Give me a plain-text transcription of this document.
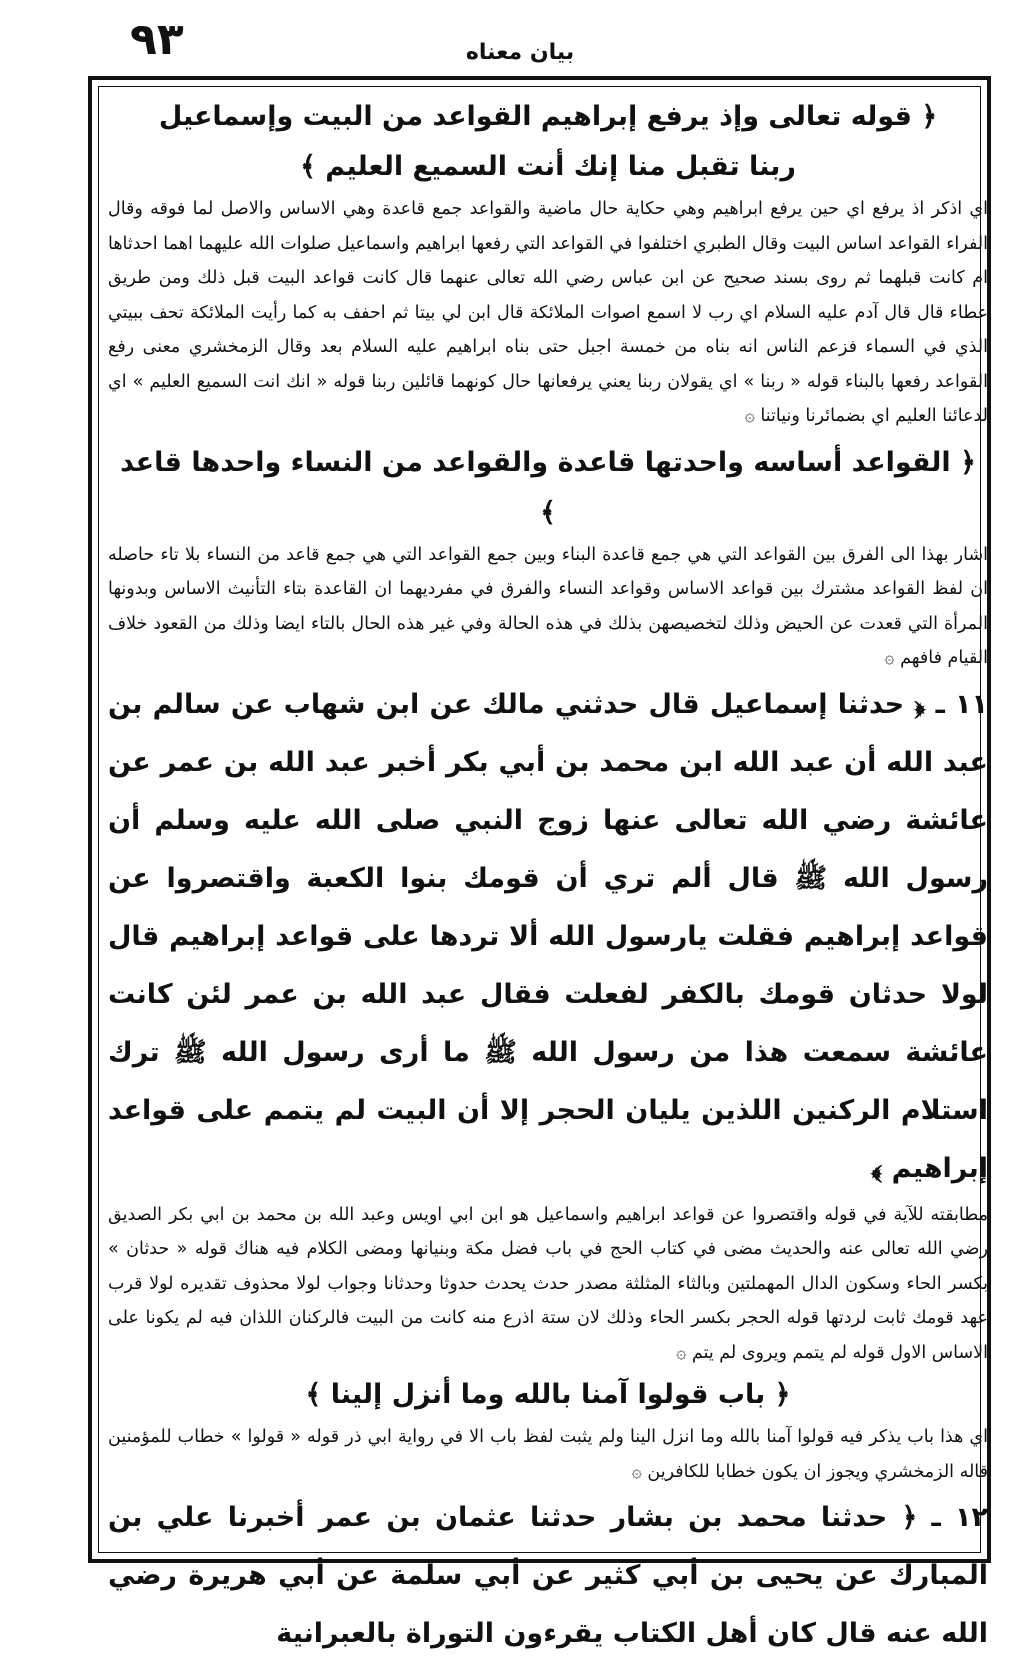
٩٣	بيان معناه

﴿ قوله تعالى وإذ يرفع إبراهيم القواعد من البيت وإسماعيل

ربنا تقبل منا إنك أنت السميع العليم ﴾

اي اذكر اذ يرفع اي حين يرفع ابراهيم وهي حكاية حال ماضية والقواعد جمع قاعدة وهي الاساس والاصل لما فوقه وقال الفراء القواعد اساس البيت وقال الطبري اختلفوا في القواعد التي رفعها ابراهيم واسماعيل صلوات الله عليهما اهما احدثاها ام كانت قبلهما ثم روى بسند صحيح عن ابن عباس رضي الله تعالى عنهما قال كانت قواعد البيت قبل ذلك ومن طريق عطاء قال قال آدم عليه السلام اي رب لا اسمع اصوات الملائكة قال ابن لي بيتا ثم احفف به كما رأيت الملائكة تحف ببيتي الذي في السماء فزعم الناس انه بناه من خمسة اجبل حتى بناه ابراهيم عليه السلام بعد وقال الزمخشري معنى رفع القواعد رفعها بالبناء قوله « ربنا » اي يقولان ربنا يعني يرفعانها حال كونهما قائلين ربنا قوله « انك انت السميع العليم » اي لدعائنا العليم اي بضمائرنا ونياتنا ۞

﴿ القواعد أساسه واحدتها قاعدة والقواعد من النساء واحدها قاعد ﴾

اشار بهذا الى الفرق بين القواعد التي هي جمع قاعدة البناء وبين جمع القواعد التي هي جمع قاعد من النساء بلا تاء حاصله ان لفظ القواعد مشترك بين قواعد الاساس وقواعد النساء والفرق في مفرديهما ان القاعدة بتاء التأنيث الاساس وبدونها المرأة التي قعدت عن الحيض وذلك لتخصيصهن بذلك في هذه الحالة وفي غير هذه الحال بالتاء ايضا وذلك من القعود خلاف القيام فافهم ۞

١١ ـ ﴿ حدثنا إسماعيل قال حدثني مالك عن ابن شهاب عن سالم بن عبد الله أن عبد الله ابن محمد بن أبي بكر أخبر عبد الله بن عمر عن عائشة رضي الله تعالى عنها زوج النبي صلى الله عليه وسلم أن رسول الله ﷺ قال ألم تري أن قومك بنوا الكعبة واقتصروا عن قواعد إبراهيم فقلت يارسول الله ألا تردها على قواعد إبراهيم قال لولا حدثان قومك بالكفر لفعلت فقال عبد الله بن عمر لئن كانت عائشة سمعت هذا من رسول الله ﷺ ما أرى رسول الله ﷺ ترك استلام الركنين اللذين يليان الحجر إلا أن البيت لم يتمم على قواعد إبراهيم ﴾

مطابقته للآية في قوله واقتصروا عن قواعد ابراهيم واسماعيل هو ابن ابي اويس وعبد الله بن محمد بن ابي بكر الصديق رضي الله تعالى عنه والحديث مضى في كتاب الحج في باب فضل مكة وبنيانها ومضى الكلام فيه هناك قوله « حدثان » بكسر الحاء وسكون الدال المهملتين وبالثاء المثلثة مصدر حدث يحدث حدوثا وحدثانا وجواب لولا محذوف تقديره لولا قرب عهد قومك ثابت لردتها قوله الحجر بكسر الحاء وذلك لان ستة اذرع منه كانت من البيت فالركنان اللذان فيه لم يكونا على الاساس الاول قوله لم يتمم ويروى لم يتم ۞

﴿ باب قولوا آمنا بالله وما أنزل إلينا ﴾

اي هذا باب يذكر فيه قولوا آمنا بالله وما انزل الينا ولم يثبت لفظ باب الا في رواية ابي ذر قوله « قولوا » خطاب للمؤمنين قاله الزمخشري ويجوز ان يكون خطابا للكافرين ۞

١٢ ـ ﴿ حدثنا محمد بن بشار حدثنا عثمان بن عمر أخبرنا علي بن المبارك عن يحيى بن أبي كثير عن أبي سلمة عن أبي هريرة رضي الله عنه قال كان أهل الكتاب يقرءون التوراة بالعبرانية
